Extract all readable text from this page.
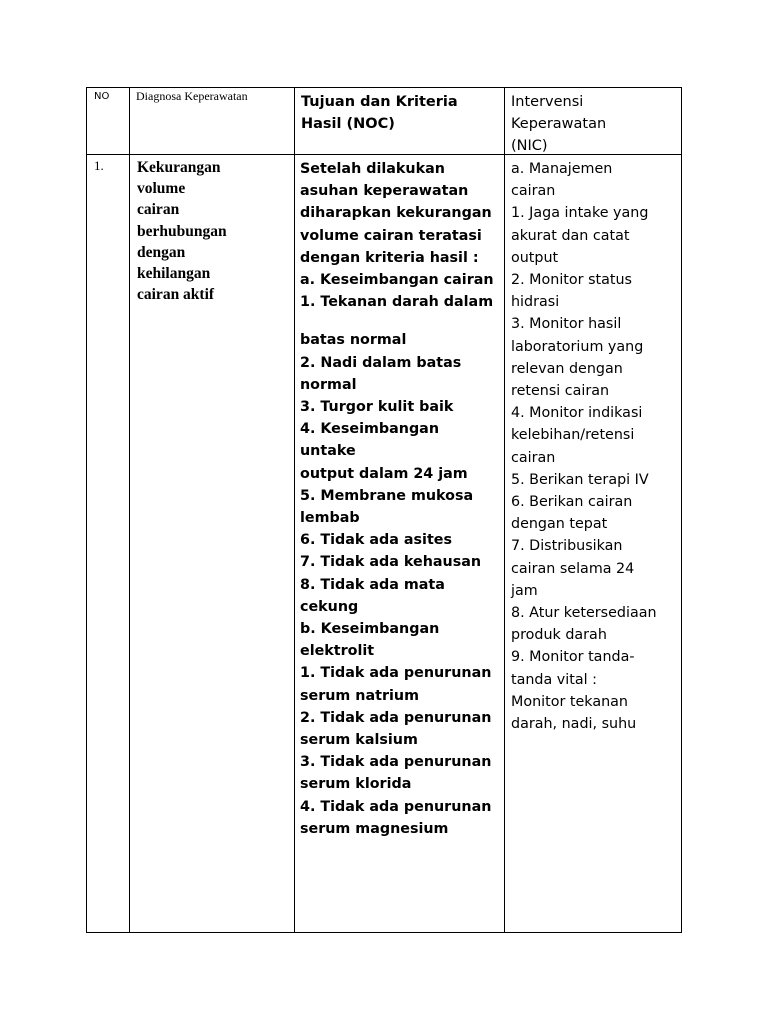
NO Diagnosa Keperawatan	Tujuan dan Kriteria
Hasil (NOC)
Intervensi
Keperawatan
(NIC)
1. Kekurangan
volume
cairan
berhubungan
dengan
kehilangan
cairan aktif
Setelah dilakukan
asuhan keperawatan
diharapkan kekurangan
volume cairan teratasi
dengan kriteria hasil :
a. Keseimbangan cairan
1. Tekanan darah dalam
batas normal
2. Nadi dalam batas
normal
3. Turgor kulit baik
4. Keseimbangan
untake
output dalam 24 jam
5. Membrane mukosa
lembab
6. Tidak ada asites
7. Tidak ada kehausan
8. Tidak ada mata
cekung
b. Keseimbangan
elektrolit
1. Tidak ada penurunan
serum natrium
2. Tidak ada penurunan
serum kalsium
3. Tidak ada penurunan
serum klorida
4. Tidak ada penurunan
serum magnesium
a. Manajemen
cairan
1. Jaga intake yang
akurat dan catat
output
2. Monitor status
hidrasi
3. Monitor hasil
laboratorium yang
relevan dengan
retensi cairan
4. Monitor indikasi
kelebihan/retensi
cairan
5. Berikan terapi IV
6. Berikan cairan
dengan tepat
7. Distribusikan
cairan selama 24
jam
8. Atur ketersediaan
produk darah
9. Monitor tanda-
tanda vital :
Monitor tekanan
darah, nadi, suhu
